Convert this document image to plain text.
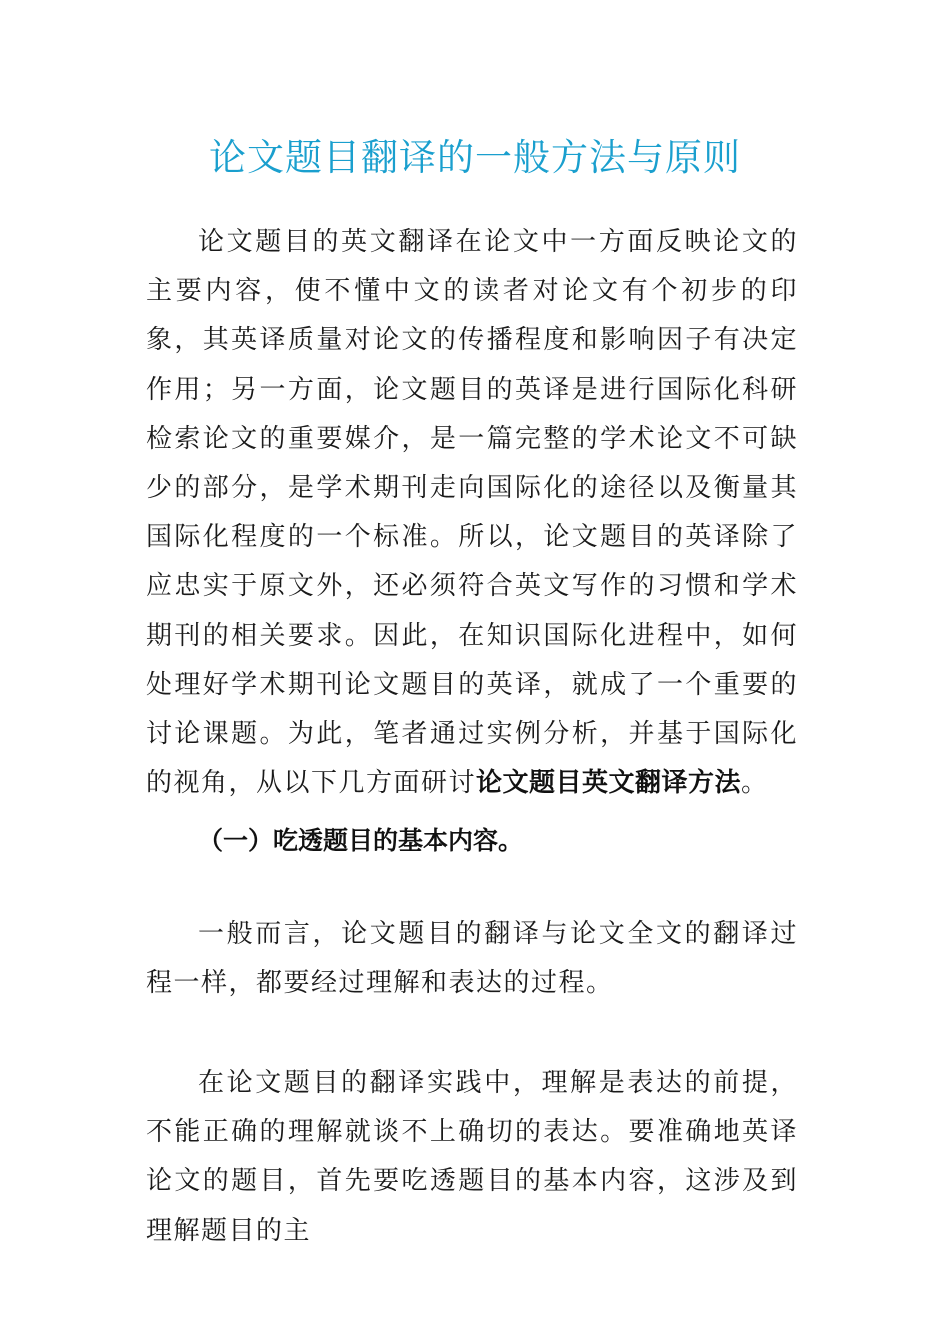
论文题目翻译的一般方法与原则

论文题目的英文翻译在论文中一方面反映论文的主要内容，使不懂中文的读者对论文有个初步的印象，其英译质量对论文的传播程度和影响因子有决定作用；另一方面，论文题目的英译是进行国际化科研检索论文的重要媒介，是一篇完整的学术论文不可缺少的部分，是学术期刊走向国际化的途径以及衡量其国际化程度的一个标准。所以，论文题目的英译除了应忠实于原文外，还必须符合英文写作的习惯和学术期刊的相关要求。因此，在知识国际化进程中，如何处理好学术期刊论文题目的英译，就成了一个重要的讨论课题。为此，笔者通过实例分析，并基于国际化的视角，从以下几方面研讨论文题目英文翻译方法。

（一）吃透题目的基本内容。

一般而言，论文题目的翻译与论文全文的翻译过程一样，都要经过理解和表达的过程。

在论文题目的翻译实践中，理解是表达的前提，不能正确的理解就谈不上确切的表达。要准确地英译论文的题目，首先要吃透题目的基本内容，这涉及到理解题目的主
